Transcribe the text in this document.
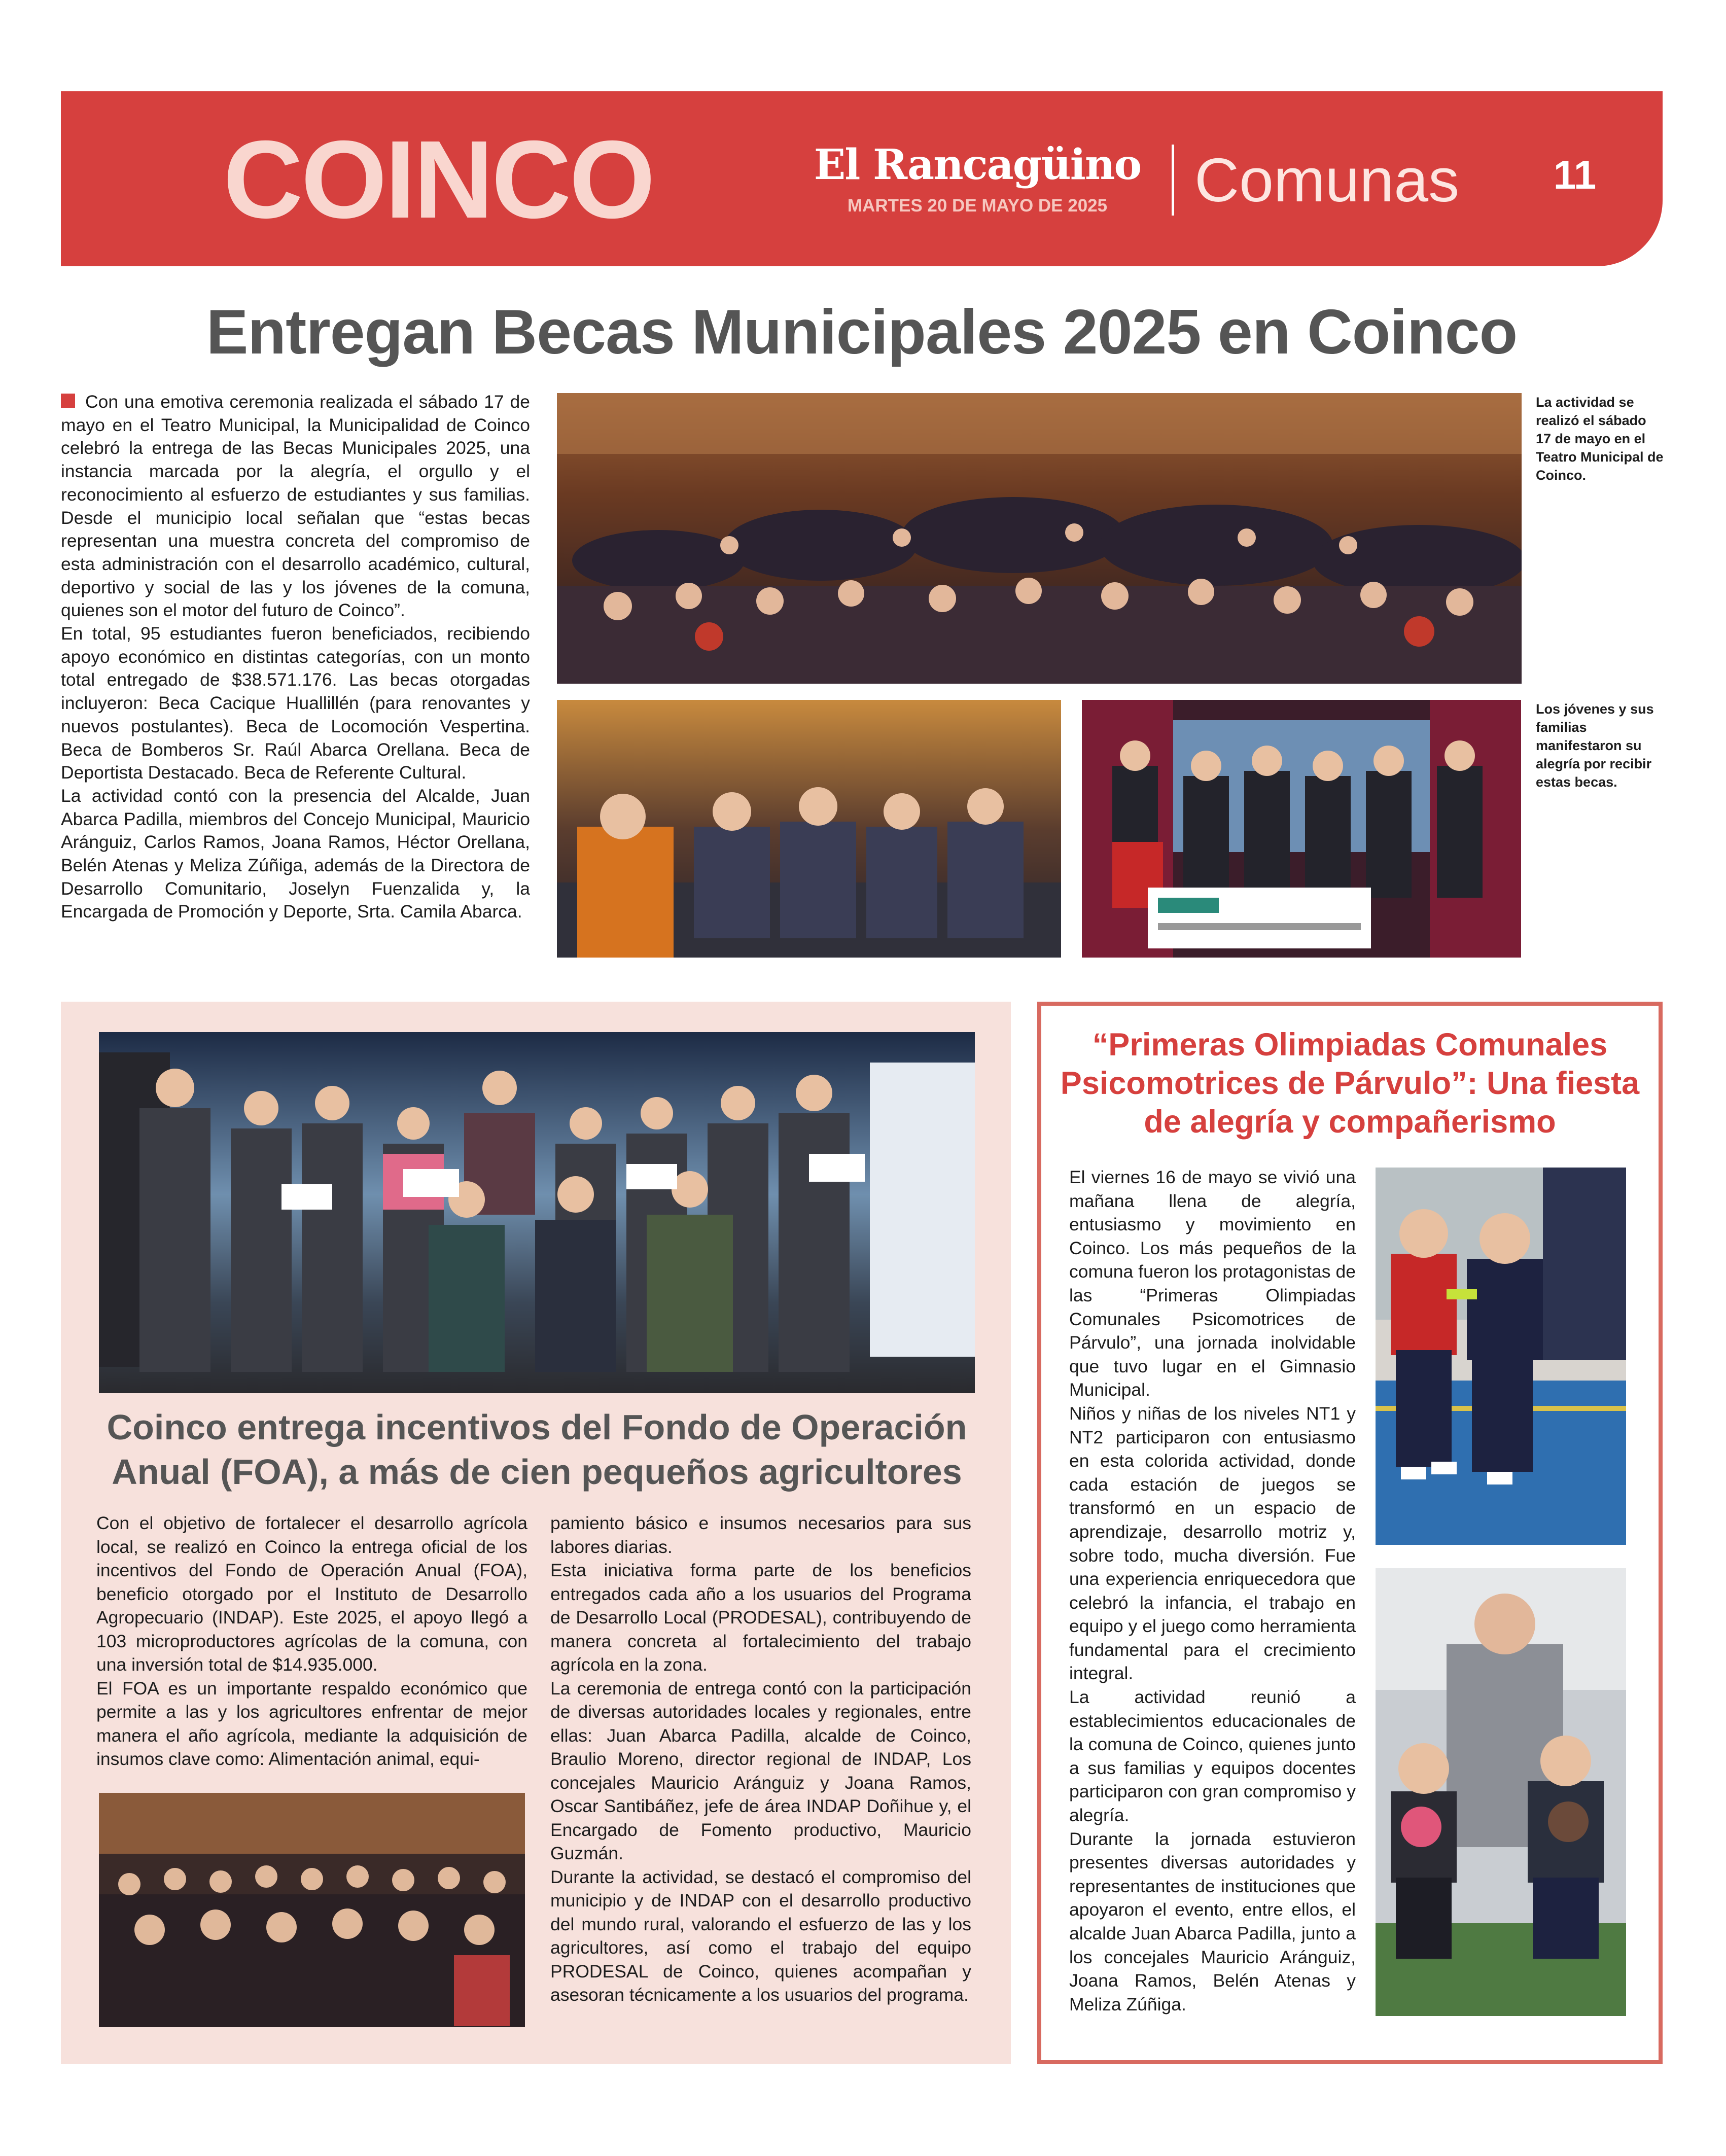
COINCO	El Rancagüino
MARTES 20 DE MAYO DE 2025	Comunas	11
Entregan Becas Municipales 2025 en Coinco

Con una emotiva ceremonia realizada el sábado 17 de mayo en el Teatro Municipal, la Municipalidad de Coinco celebró la entrega de las Becas Municipales 2025, una instancia marcada por la alegría, el orgullo y el reconocimiento al esfuerzo de estudiantes y sus familias. Desde el municipio local señalan que “estas becas representan una muestra concreta del compromiso de esta administración con el desarrollo académico, cultural, deportivo y social de las y los jóvenes de la comuna, quienes son el motor del futuro de Coinco”.

En total, 95 estudiantes fueron beneficiados, recibiendo apoyo económico en distintas categorías, con un monto total entregado de $38.571.176. Las becas otorgadas incluyeron: Beca Cacique Huallillén (para renovantes y nuevos postulantes). Beca de Locomoción Vespertina. Beca de Bomberos Sr. Raúl Abarca Orellana. Beca de Deportista Destacado. Beca de Referente Cultural.

La actividad contó con la presencia del Alcalde, Juan Abarca Padilla, miembros del Concejo Municipal, Mauricio Aránguiz, Carlos Ramos, Joana Ramos, Héctor Orellana, Belén Atenas y Meliza Zúñiga, además de la Directora de Desarrollo Comunitario, Joselyn Fuenzalida y, la Encargada de Promoción y Deporte, Srta. Camila Abarca.

La actividad se realizó el sábado 17 de mayo en el Teatro Municipal de Coinco.
Los jóvenes y sus familias manifestaron su alegría por recibir estas becas.
Coinco entrega incentivos del Fondo de Operación Anual (FOA), a más de cien pequeños agricultores

Con el objetivo de fortalecer el desarrollo agrícola local, se realizó en Coinco la entrega oficial de los incentivos del Fondo de Operación Anual (FOA), beneficio otorgado por el Instituto de Desarrollo Agropecuario (INDAP). Este 2025, el apoyo llegó a 103 microproductores agrícolas de la comuna, con una inversión total de $14.935.000.

El FOA es un importante respaldo económico que permite a las y los agricultores enfrentar de mejor manera el año agrícola, mediante la adquisición de insumos clave como: Alimentación animal, equi-

pamiento básico e insumos necesarios para sus labores diarias.

Esta iniciativa forma parte de los beneficios entregados cada año a los usuarios del Programa de Desarrollo Local (PRODESAL), contribuyendo de manera concreta al fortalecimiento del trabajo agrícola en la zona.

La ceremonia de entrega contó con la participación de diversas autoridades locales y regionales, entre ellas: Juan Abarca Padilla, alcalde de Coinco, Braulio Moreno, director regional de INDAP, Los concejales Mauricio Aránguiz y Joana Ramos, Oscar Santibáñez, jefe de área INDAP Doñihue y, el Encargado de Fomento productivo, Mauricio Guzmán.

Durante la actividad, se destacó el compromiso del municipio y de INDAP con el desarrollo productivo del mundo rural, valorando el esfuerzo de las y los agricultores, así como el trabajo del equipo PRODESAL de Coinco, quienes acompañan y asesoran técnicamente a los usuarios del programa.

“Primeras Olimpiadas Comunales Psicomotrices de Párvulo”: Una fiesta de alegría y compañerismo

El viernes 16 de mayo se vivió una mañana llena de alegría, entusiasmo y movimiento en Coinco. Los más pequeños de la comuna fueron los protagonistas de las “Primeras Olimpiadas Comunales Psicomotrices de Párvulo”, una jornada inolvidable que tuvo lugar en el Gimnasio Municipal.

Niños y niñas de los niveles NT1 y NT2 participaron con entusiasmo en esta colorida actividad, donde cada estación de juegos se transformó en un espacio de aprendizaje, desarrollo motriz y, sobre todo, mucha diversión. Fue una experiencia enriquecedora que celebró la infancia, el trabajo en equipo y el juego como herramienta fundamental para el crecimiento integral.

La actividad reunió a establecimientos educacionales de la comuna de Coinco, quienes junto a sus familias y equipos docentes participaron con gran compromiso y alegría.

Durante la jornada estuvieron presentes diversas autoridades y representantes de instituciones que apoyaron el evento, entre ellos, el alcalde Juan Abarca Padilla, junto a los concejales Mauricio Aránguiz, Joana Ramos, Belén Atenas y Meliza Zúñiga.
